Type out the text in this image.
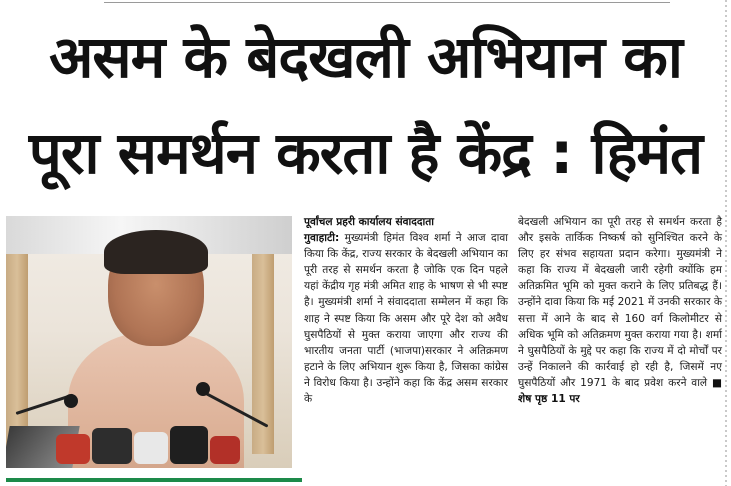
असम के बेदखली अभियान का
पूरा समर्थन करता है केंद्र : हिमंत
पूर्वांचल प्रहरी कार्यालय संवाददाता
गुवाहाटी: मुख्यमंत्री हिमंत विश्व शर्मा ने आज दावा किया कि केंद्र, राज्य सरकार के बेदखली अभियान का पूरी तरह से समर्थन करता है जोकि एक दिन पहले यहां केंद्रीय गृह मंत्री अमित शाह के भाषण से भी स्पष्ट है। मुख्यमंत्री शर्मा ने संवाददाता सम्मेलन में कहा कि शाह ने स्पष्ट किया कि असम और पूरे देश को अवैध घुसपैठियों से मुक्त कराया जाएगा और राज्य की भारतीय जनता पार्टी (भाजपा)सरकार ने अतिक्रमण हटाने के लिए अभियान शुरू किया है, जिसका कांग्रेस ने विरोध किया है। उन्होंने कहा कि केंद्र असम सरकार के
बेदखली अभियान का पूरी तरह से समर्थन करता है और इसके तार्किक निष्कर्ष को सुनिश्चित करने के लिए हर संभव सहायता प्रदान करेगा। मुख्यमंत्री ने कहा कि राज्य में बेदखली जारी रहेगी क्योंकि हम अतिक्रमित भूमि को मुक्त कराने के लिए प्रतिबद्ध हैं। उन्होंने दावा किया कि मई 2021 में उनकी सरकार के सत्ता में आने के बाद से 160 वर्ग किलोमीटर से अधिक भूमि को अतिक्रमण मुक्त कराया गया है। शर्मा ने घुसपैठियों के मुद्दे पर कहा कि राज्य में दो मोर्चों पर उन्हें निकालने की कार्रवाई हो रही है, जिसमें नए घुसपैठियों और 1971 के बाद प्रवेश करने वाले ■ शेष पृष्ठ 11 पर
